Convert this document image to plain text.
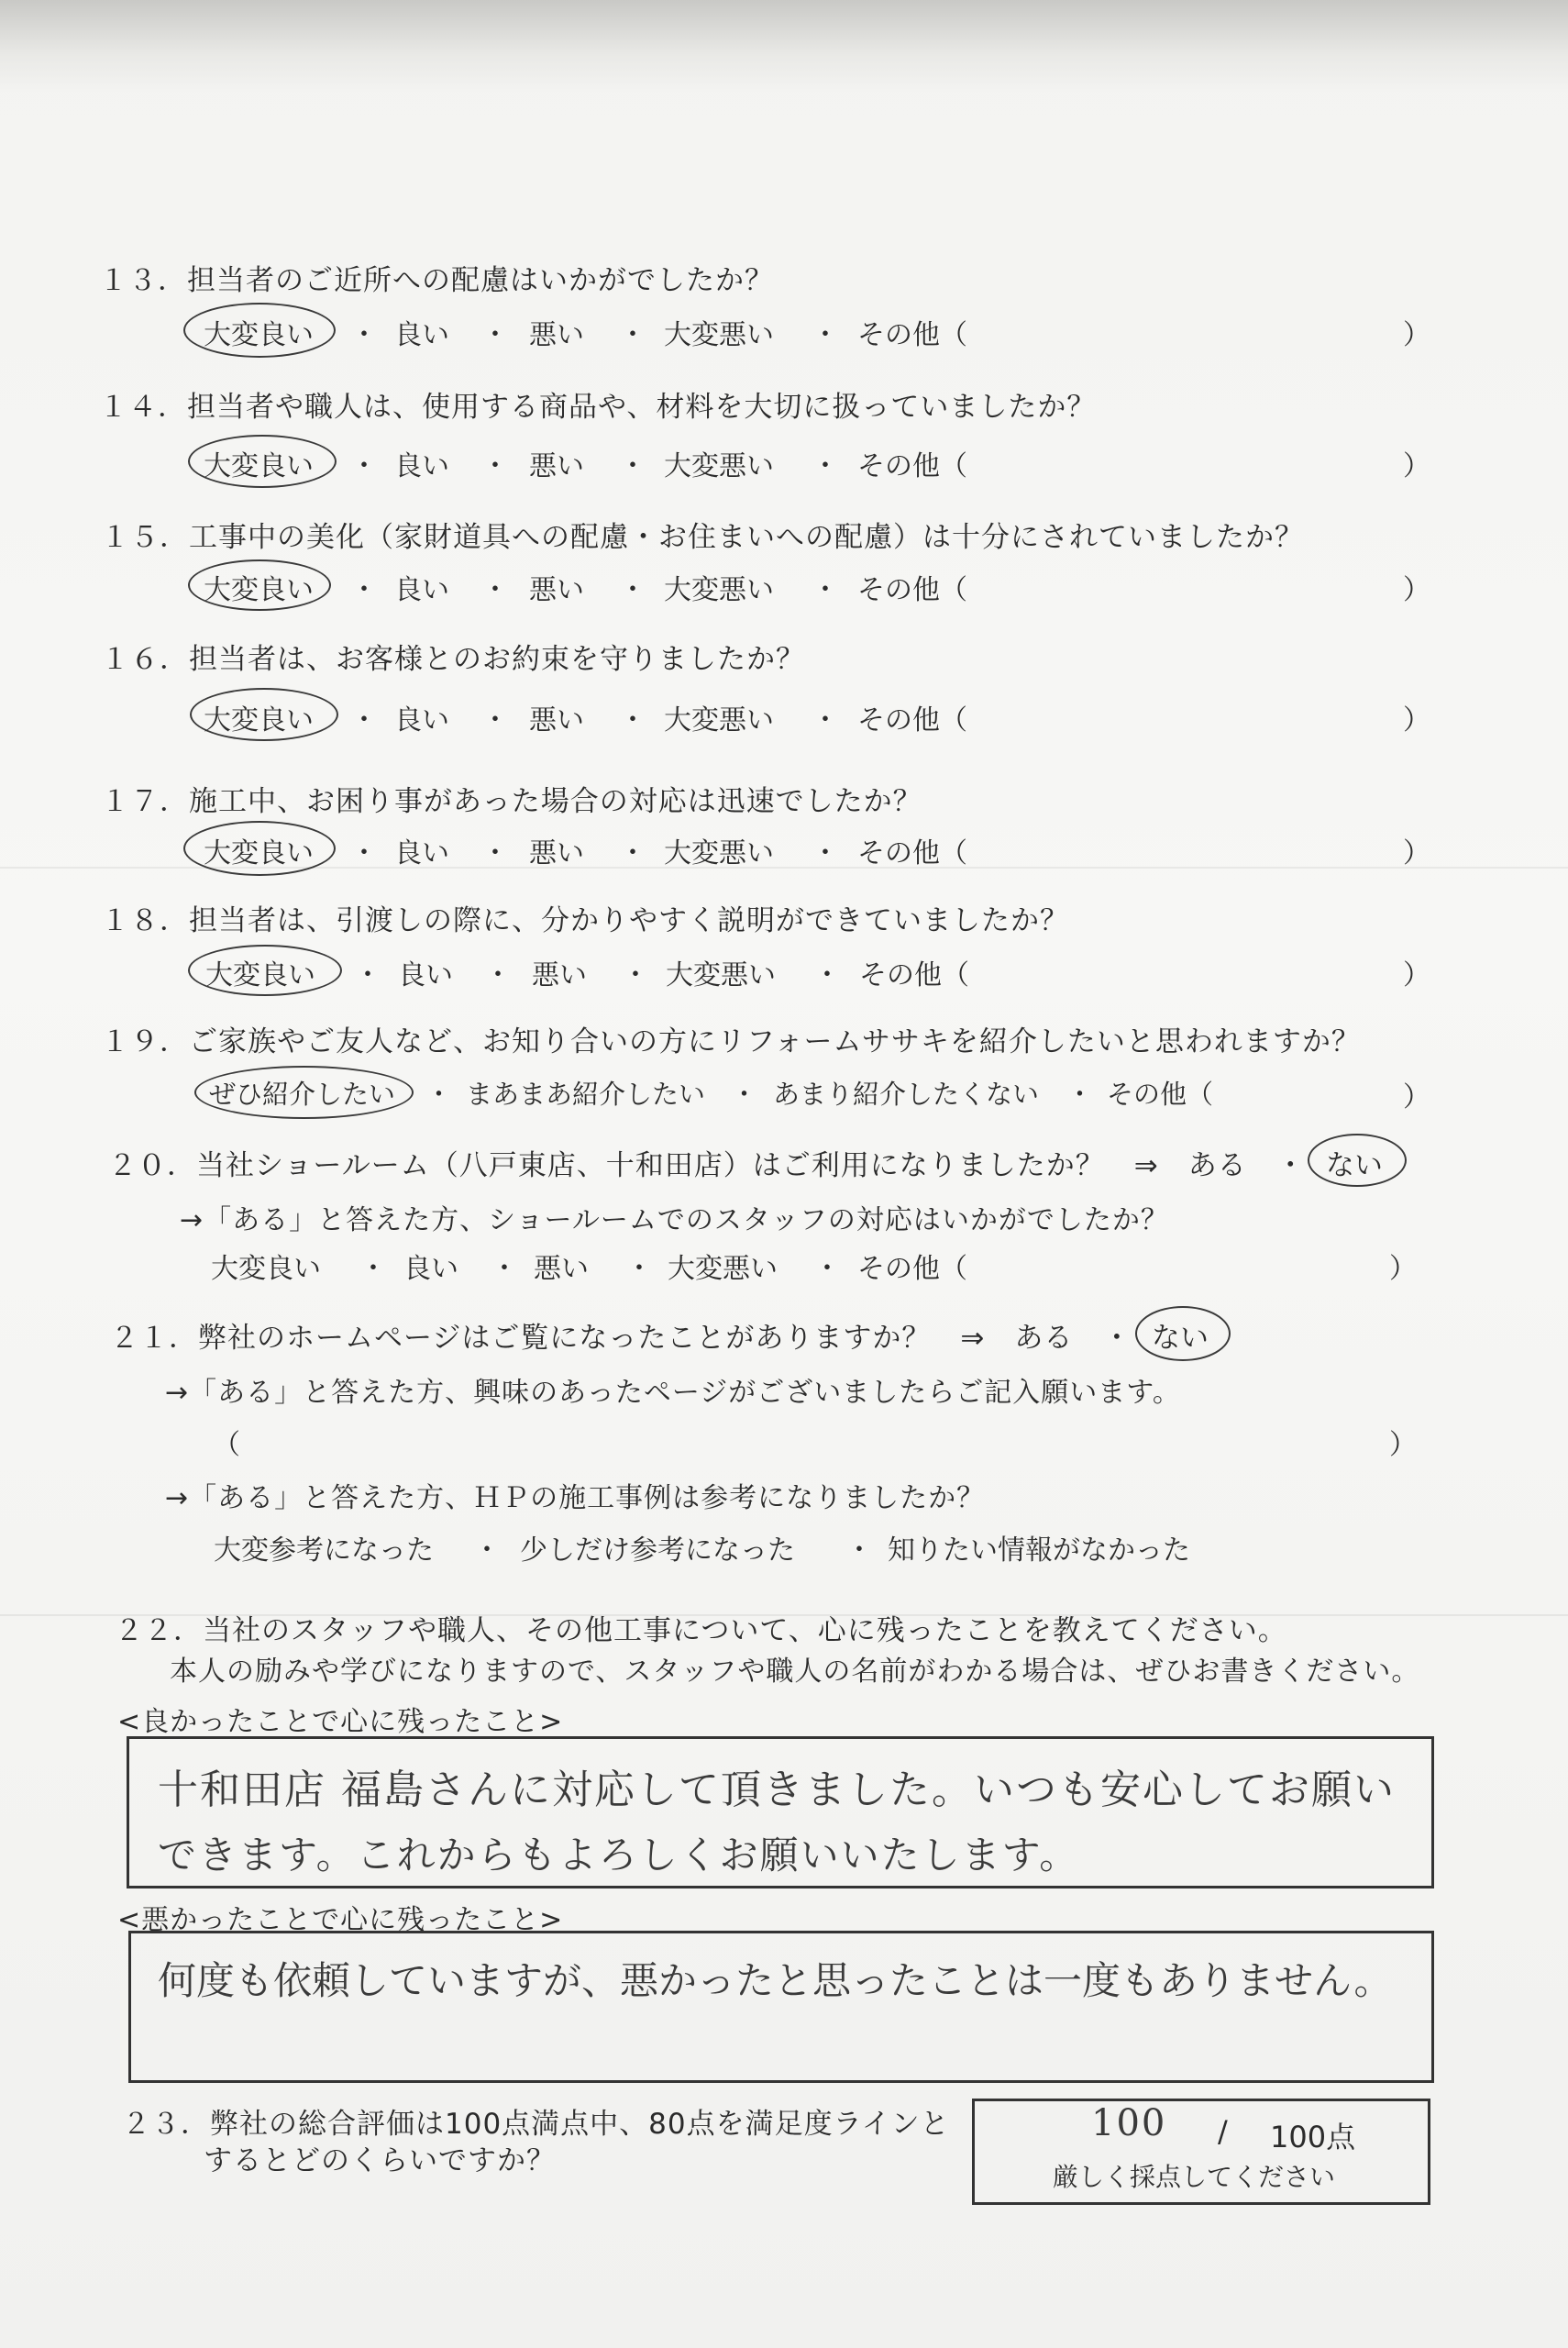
１３．担当者のご近所への配慮はいかがでしたか？
大変良い ・ 良い ・ 悪い ・ 大変悪い ・ その他（	）
１４．担当者や職人は、使用する商品や、材料を大切に扱っていましたか？
大変良い ・ 良い ・ 悪い ・ 大変悪い ・ その他（	）
１５．工事中の美化（家財道具への配慮・お住まいへの配慮）は十分にされていましたか？
大変良い ・ 良い ・ 悪い ・ 大変悪い ・ その他（	）
１６．担当者は、お客様とのお約束を守りましたか？
大変良い ・ 良い ・ 悪い ・ 大変悪い ・ その他（	）
１７．施工中、お困り事があった場合の対応は迅速でしたか？
大変良い ・ 良い ・ 悪い ・ 大変悪い ・ その他（	）
１８．担当者は、引渡しの際に、分かりやすく説明ができていましたか？
大変良い ・ 良い ・ 悪い ・ 大変悪い ・ その他（	）
１９．ご家族やご友人など、お知り合いの方にリフォームササキを紹介したいと思われますか？
ぜひ紹介したい ・ まあまあ紹介したい ・ あまり紹介したくない ・ その他（	）
２０．当社ショールーム（八戸東店、十和田店）はご利用になりましたか？　⇒　ある　・ ない
→「ある」と答えた方、ショールームでのスタッフの対応はいかがでしたか？
大変良い ・ 良い ・ 悪い ・ 大変悪い ・ その他（	）
２１．弊社のホームページはご覧になったことがありますか？　⇒　ある　・ ない
→「ある」と答えた方、興味のあったページがございましたらご記入願います。
（	）
→「ある」と答えた方、ＨＰの施工事例は参考になりましたか？
大変参考になった ・ 少しだけ参考になった ・ 知りたい情報がなかった
２２．当社のスタッフや職人、その他工事について、心に残ったことを教えてください。
本人の励みや学びになりますので、スタッフや職人の名前がわかる場合は、ぜひお書きください。
<良かったことで心に残ったこと>
十和田店 福島さんに対応して頂きました。いつも安心してお願い
できます。これからもよろしくお願いいたします。
<悪かったことで心に残ったこと>
何度も依頼していますが、悪かったと思ったことは一度もありません。
２３．弊社の総合評価は100点満点中、80点を満足度ラインと
するとどのくらいですか？
100 / 100点
厳しく採点してください
